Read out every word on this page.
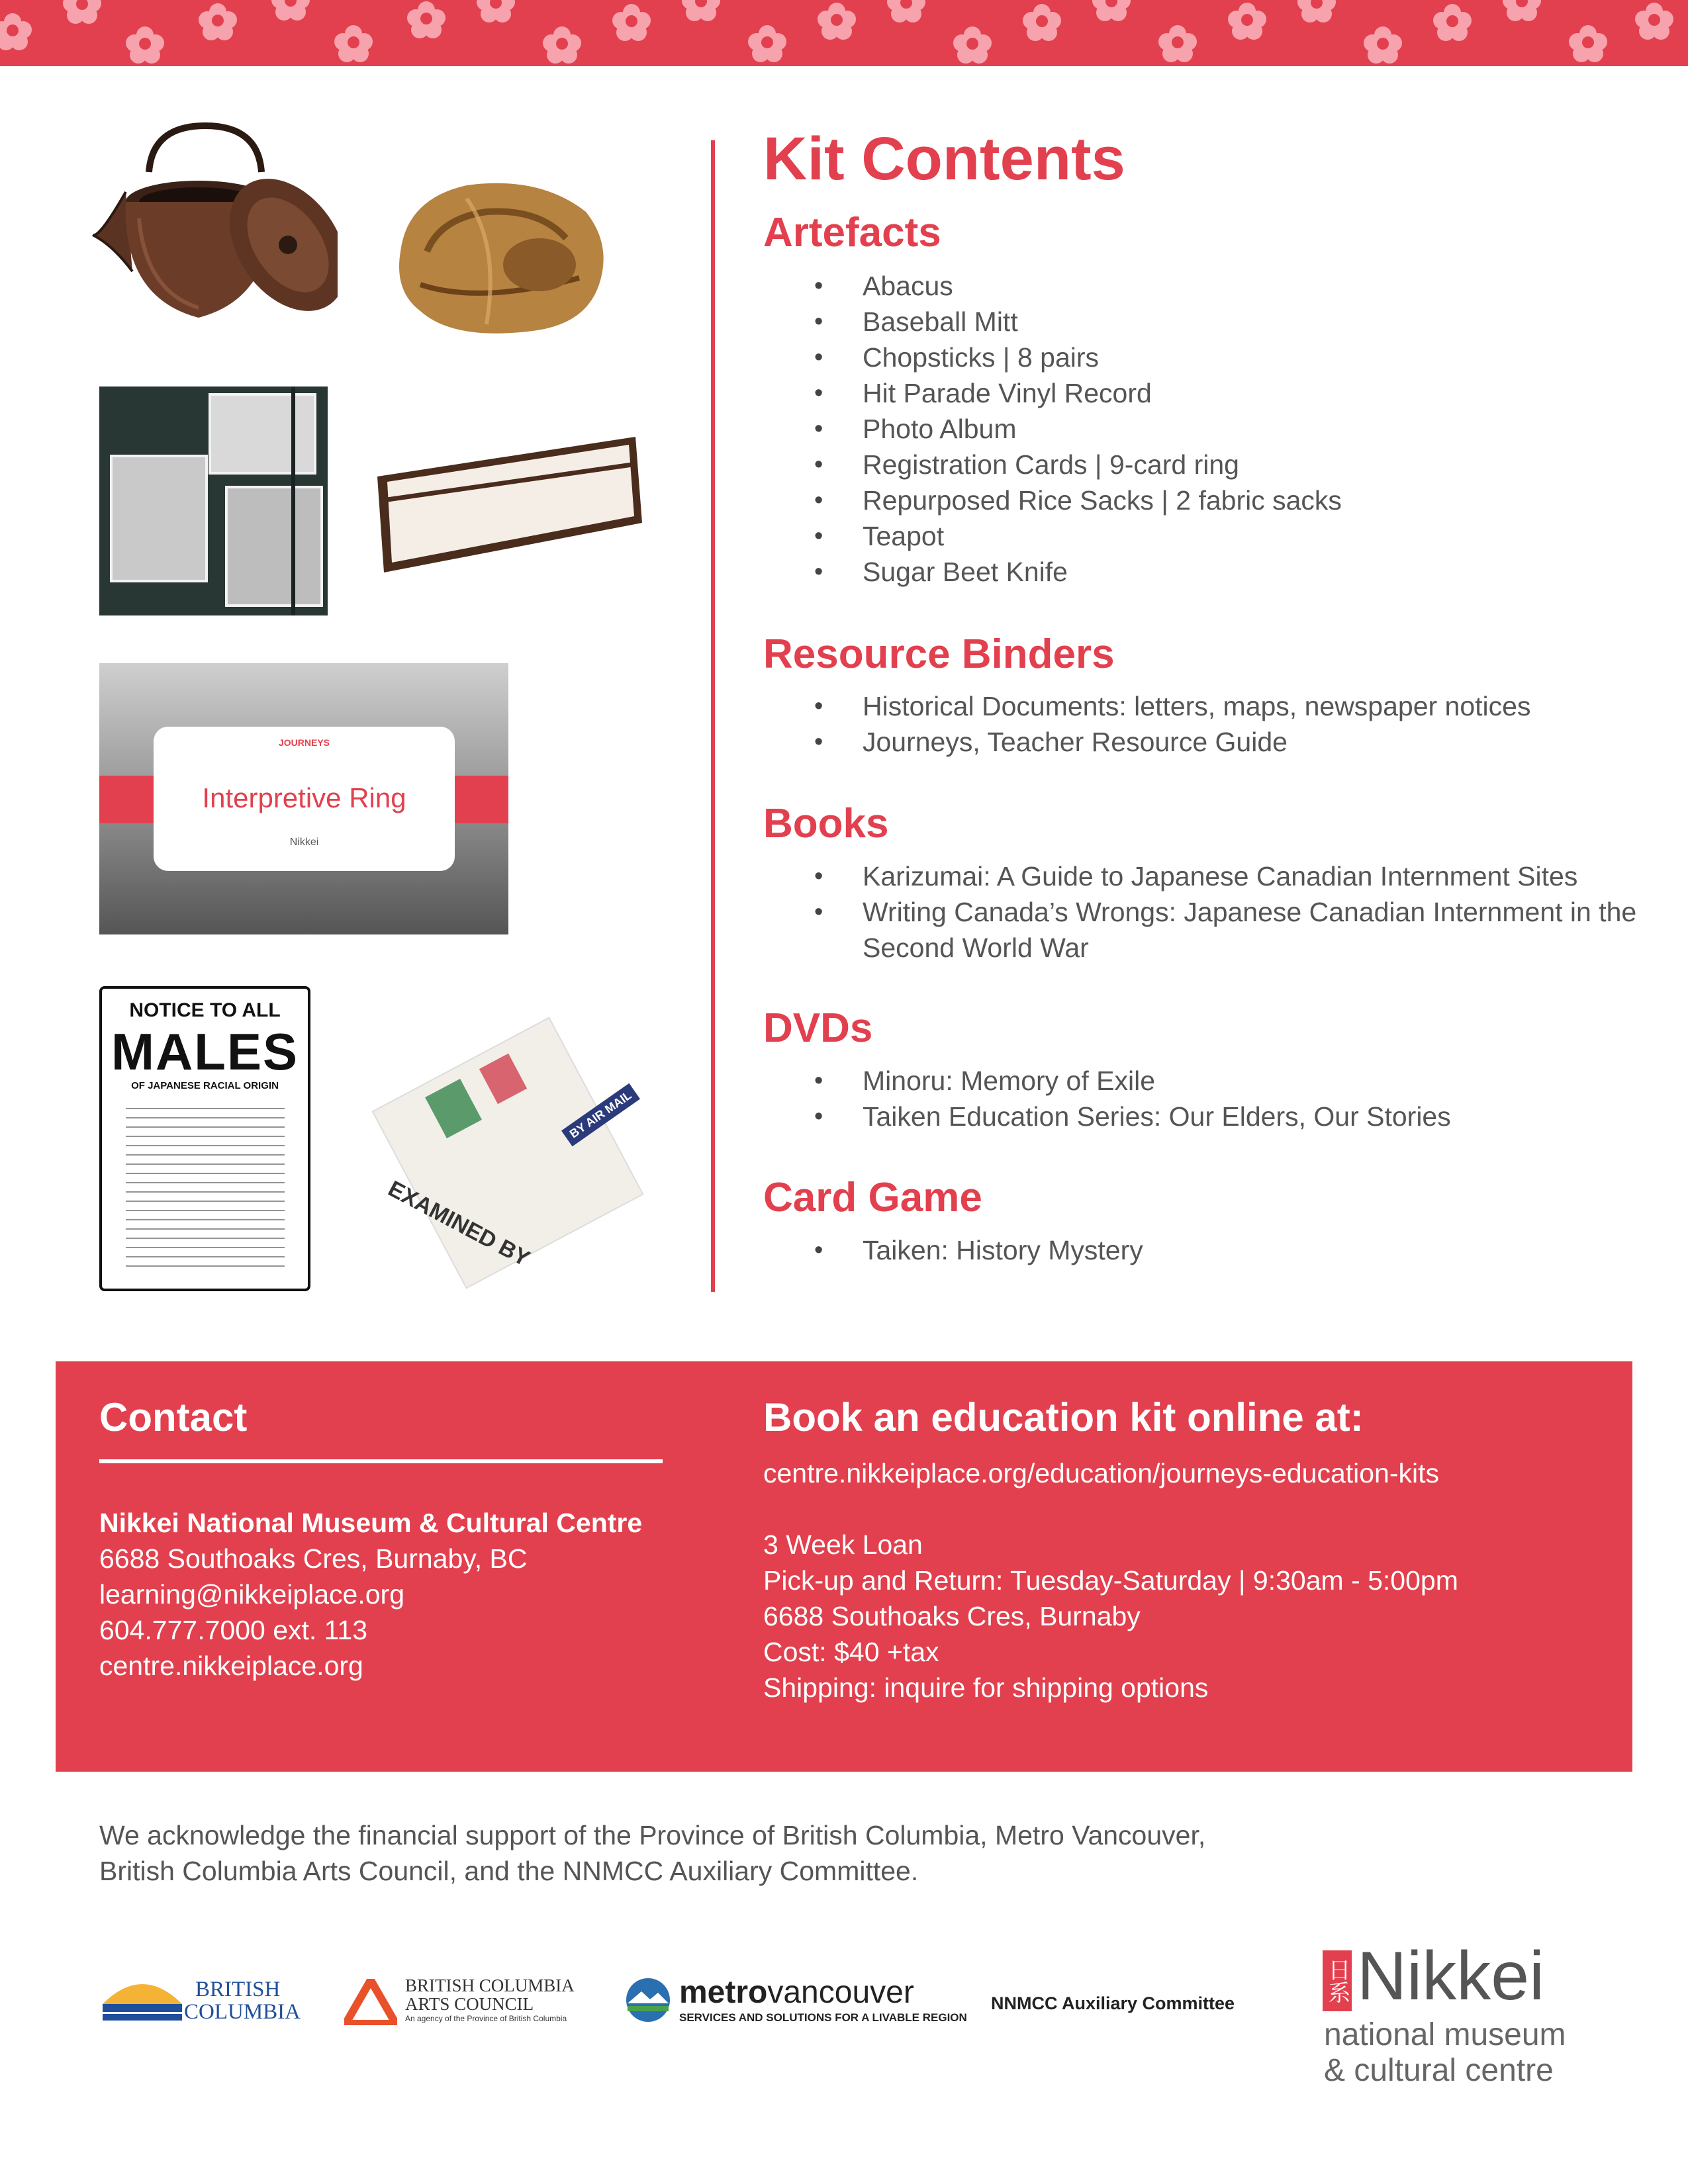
JOURNEYS
Interpretive Ring
Nikkei
NOTICE TO ALL
MALES
OF JAPANESE RACIAL ORIGIN
EXAMINED BY
BY AIR MAIL
Kit Contents
Artefacts
• Abacus
• Baseball Mitt
• Chopsticks | 8 pairs
• Hit Parade Vinyl Record
• Photo Album
• Registration Cards | 9-card ring
• Repurposed Rice Sacks | 2 fabric sacks
• Teapot
• Sugar Beet Knife
Resource Binders
• Historical Documents: letters, maps, newspaper notices
• Journeys, Teacher Resource Guide
Books
• Karizumai: A Guide to Japanese Canadian Internment Sites
• Writing Canada’s Wrongs: Japanese Canadian Internment in the Second World War
DVDs
• Minoru: Memory of Exile
• Taiken Education Series: Our Elders, Our Stories
Card Game
• Taiken: History Mystery
Contact
Nikkei National Museum & Cultural Centre
6688 Southoaks Cres, Burnaby, BC
learning@nikkeiplace.org
604.777.7000 ext. 113
centre.nikkeiplace.org
Book an education kit online at:
centre.nikkeiplace.org/education/journeys-education-kits
3 Week Loan
Pick-up and Return: Tuesday-Saturday | 9:30am - 5:00pm
6688 Southoaks Cres, Burnaby
Cost: $40 +tax
Shipping: inquire for shipping options
We acknowledge the financial support of the Province of British Columbia, Metro Vancouver,
British Columbia Arts Council, and the NNMCC Auxiliary Committee.
BRITISH
COLUMBIA
BRITISH COLUMBIA
ARTS COUNCIL
An agency of the Province of British Columbia
metrovancouver
SERVICES AND SOLUTIONS FOR A LIVABLE REGION
NNMCC Auxiliary Committee	日系 Nikkei
national museum
& cultural centre
